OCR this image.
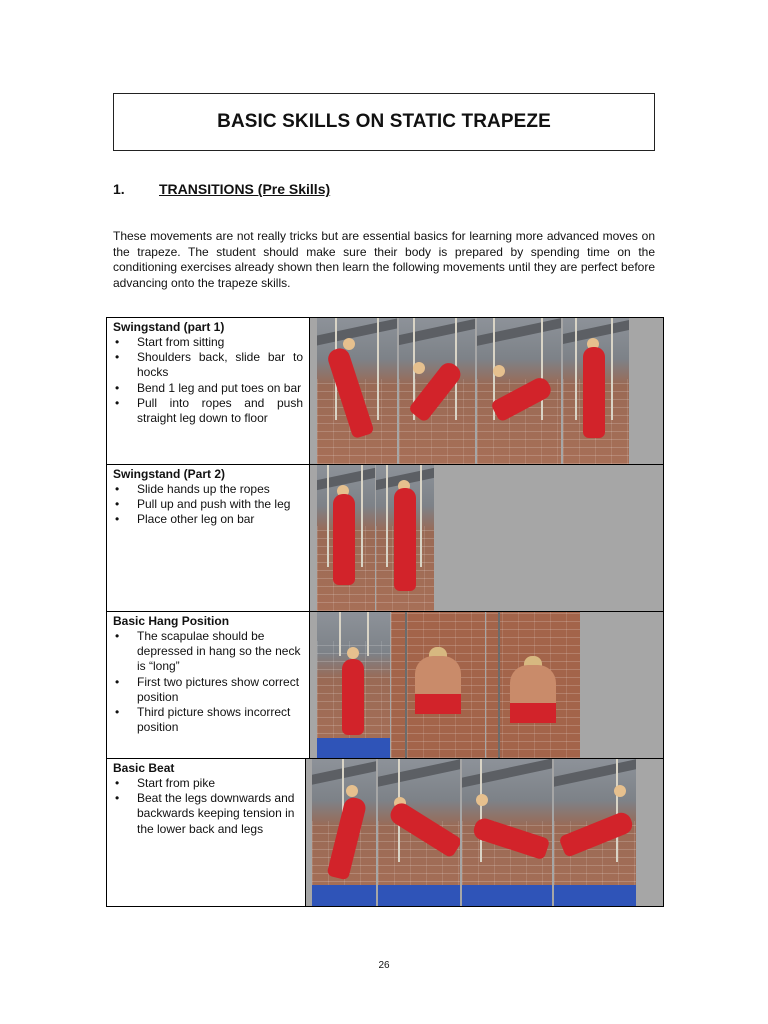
BASIC SKILLS ON STATIC TRAPEZE
1. TRANSITIONS (Pre Skills)

These movements are not really tricks but are essential basics for learning more advanced moves on the trapeze. The student should make sure their body is prepared by spending time on the conditioning exercises already shown then learn the following movements until they are perfect before advancing onto the trapeze skills.

Swingstand (part 1)
• Start from sitting
• Shoulders back, slide bar to hocks
• Bend 1 leg and put toes on bar
• Pull into ropes and push straight leg down to floor
Swingstand (Part 2)
• Slide hands up the ropes
• Pull up and push with the leg
• Place other leg on bar
Basic Hang Position
• The scapulae should be depressed in hang so the neck is “long”
• First two pictures show correct position
• Third picture shows incorrect position
Basic Beat
• Start from pike
• Beat the legs downwards and backwards keeping tension in the lower back and legs
26
